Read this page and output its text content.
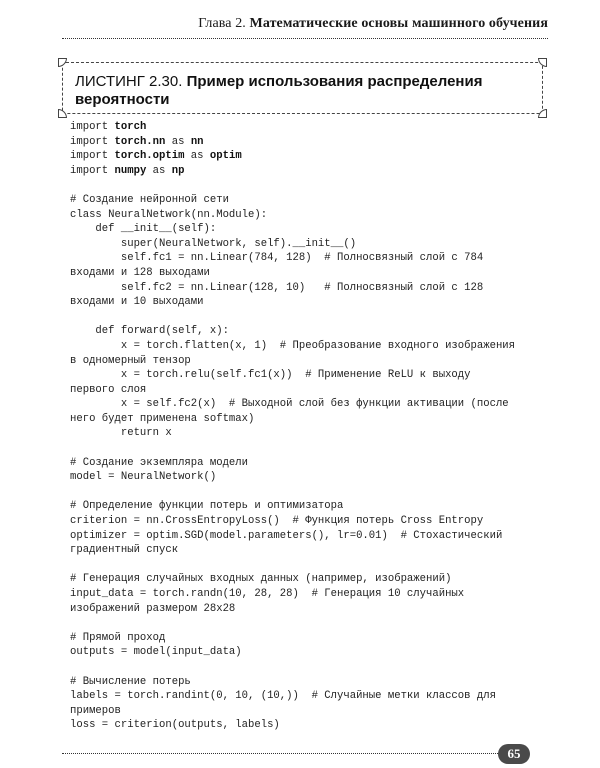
Глава 2. Математические основы машинного обучения
ЛИСТИНГ 2.30. Пример использования распределения
вероятности
import torch
import torch.nn as nn
import torch.optim as optim
import numpy as np
# Создание нейронной сети
class NeuralNetwork(nn.Module):
def __init__(self):
super(NeuralNetwork, self).__init__()
self.fc1 = nn.Linear(784, 128)  # Полносвязный слой с 784
входами и 128 выходами
self.fc2 = nn.Linear(128, 10)   # Полносвязный слой с 128
входами и 10 выходами
def forward(self, x):
x = torch.flatten(x, 1)  # Преобразование входного изображения
в одномерный тензор
x = torch.relu(self.fc1(x))  # Применение ReLU к выходу
первого слоя
x = self.fc2(x)  # Выходной слой без функции активации (после
него будет применена softmax)
return x
# Создание экземпляра модели
model = NeuralNetwork()
# Определение функции потерь и оптимизатора
criterion = nn.CrossEntropyLoss()  # Функция потерь Cross Entropy
optimizer = optim.SGD(model.parameters(), lr=0.01)  # Стохастический
градиентный спуск
# Генерация случайных входных данных (например, изображений)
input_data = torch.randn(10, 28, 28)  # Генерация 10 случайных
изображений размером 28x28
# Прямой проход
outputs = model(input_data)
# Вычисление потерь
labels = torch.randint(0, 10, (10,))  # Случайные метки классов для
примеров
loss = criterion(outputs, labels)
65
